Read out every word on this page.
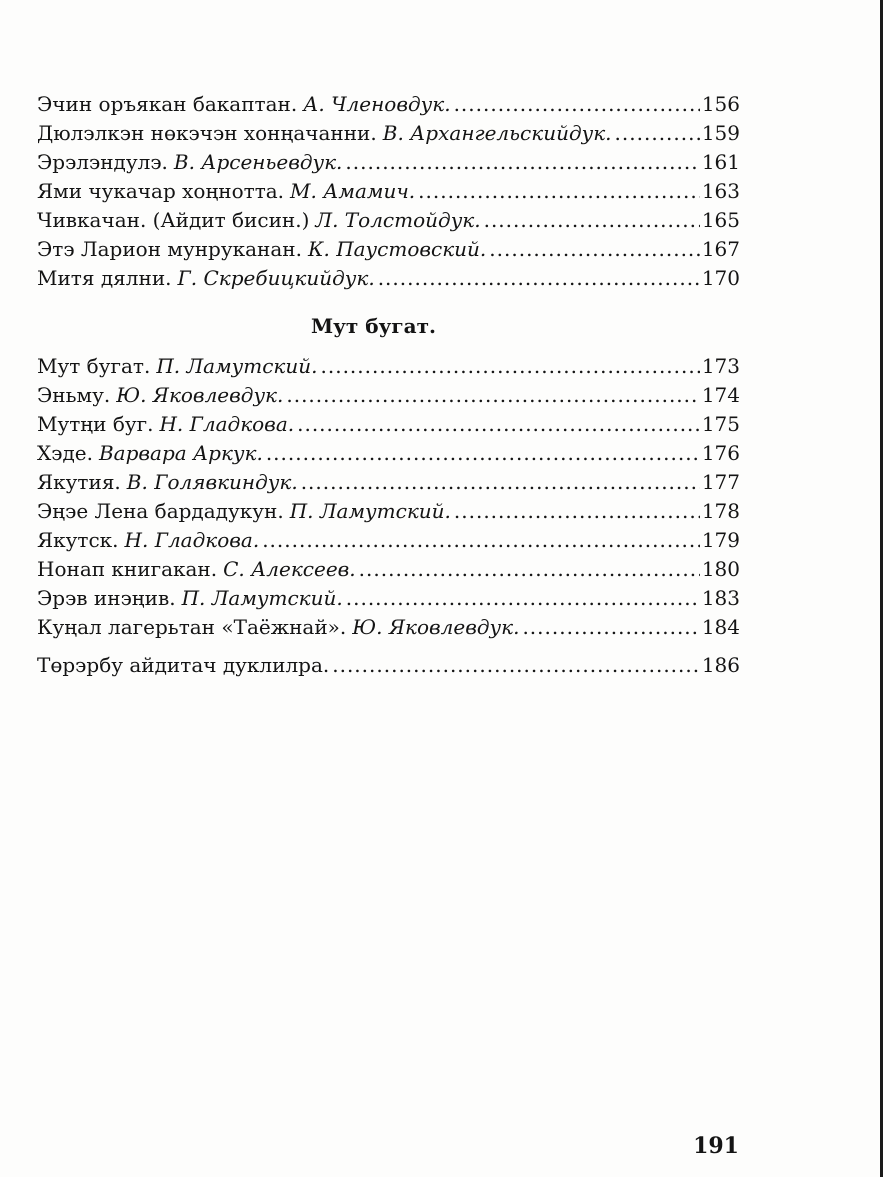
Эчин оръякан бакаптан. А. Членовдук. .....	156
Дюлэлкэн нөкэчэн хонңачанни. В. Архангельскийдук. .....	159
Эрэлэндулэ. В. Арсеньевдук. .....	161
Ями чукачар хоңнотта. М. Амамич. .....	163
Чивкачан. (Айдит бисин.) Л. Толстойдук. .....	165
Этэ Ларион мунруканан. К. Паустовский. .....	167
Митя дялни. Г. Скребицкийдук. .....	170
Мут бугат.
Мут бугат. П. Ламутский. .....	173
Эньму. Ю. Яковлевдук. .....	174
Мутңи буг. Н. Гладкова. .....	175
Хэде. Варвара Аркук. .....	176
Якутия. В. Голявкиндук. .....	177
Эңэе Лена бардадукун. П. Ламутский. .....	178
Якутск. Н. Гладкова. .....	179
Нонап книгакан. С. Алексеев. .....	180
Эрэв инэңив. П. Ламутский. .....	183
Куңал лагерьтан «Таёжнай». Ю. Яковлевдук. .....	184
Төрэрбу айдитач дуклилра. .....	186
191
